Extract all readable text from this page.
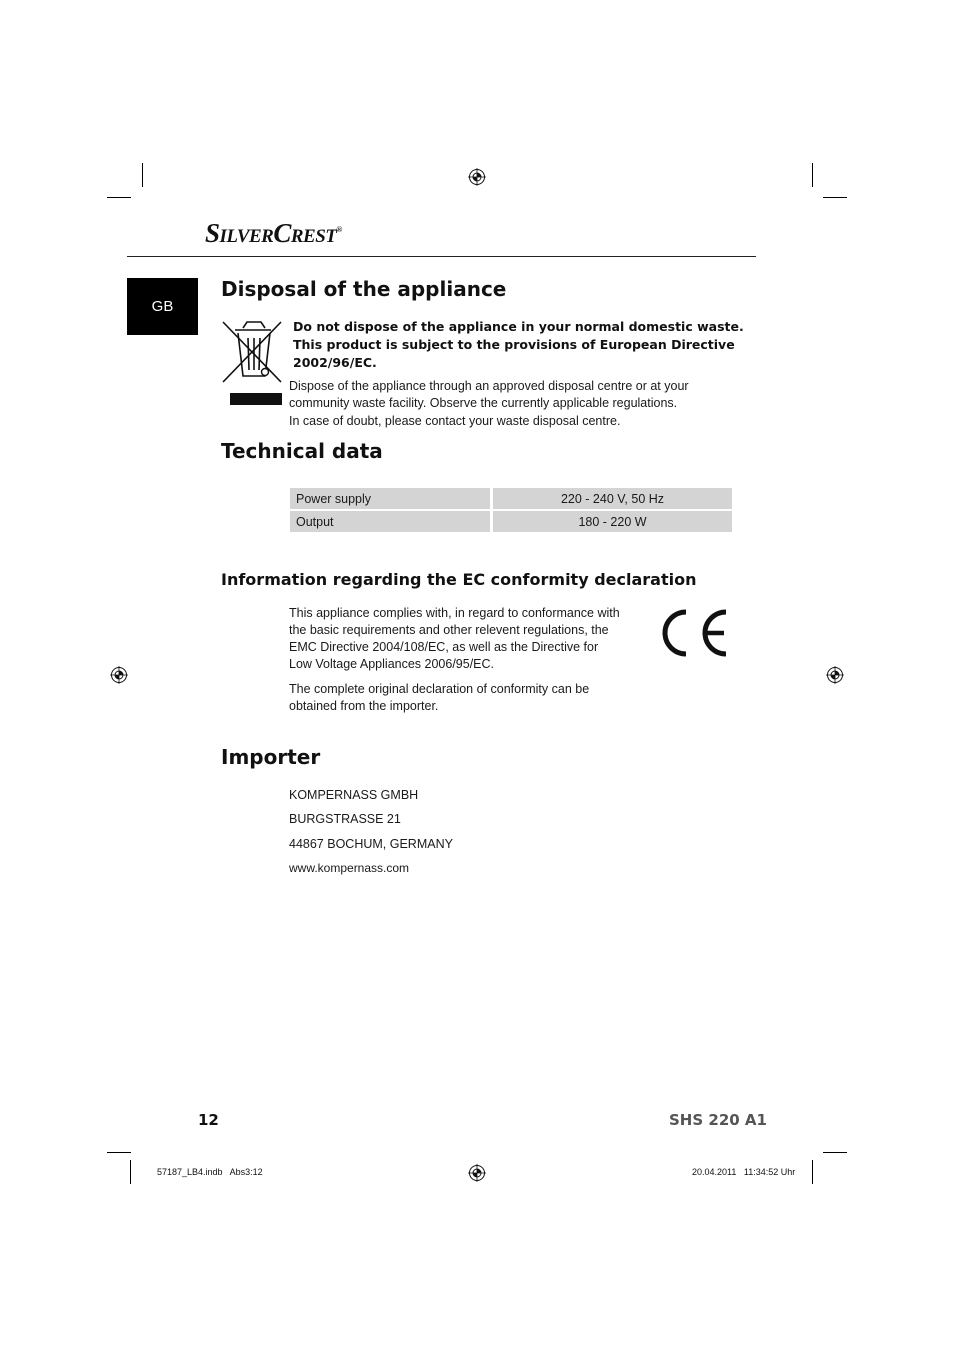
SILVERCREST®
GB
Disposal of the appliance
Do not dispose of the appliance in your normal domestic waste.
This product is subject to the provisions of European Directive
2002/96/EC.
Dispose of the appliance through an approved disposal centre or at your
community waste facility. Observe the currently applicable regulations.
In case of doubt, please contact your waste disposal centre.
Technical data
Power supply	220 - 240 V, 50 Hz
Output	180 - 220 W
Information regarding the EC conformity declaration
This appliance complies with, in regard to conformance with
the basic requirements and other relevent regulations, the
EMC Directive 2004/108/EC, as well as the Directive for
Low Voltage Appliances 2006/95/EC.
The complete original declaration of conformity can be
obtained from the importer.
CE
Importer
KOMPERNASS GMBH
BURGSTRASSE 21
44867 BOCHUM, GERMANY
www.kompernass.com
12	SHS 220 A1
57187_LB4.indb   Abs3:12	20.04.2011   11:34:52 Uhr
